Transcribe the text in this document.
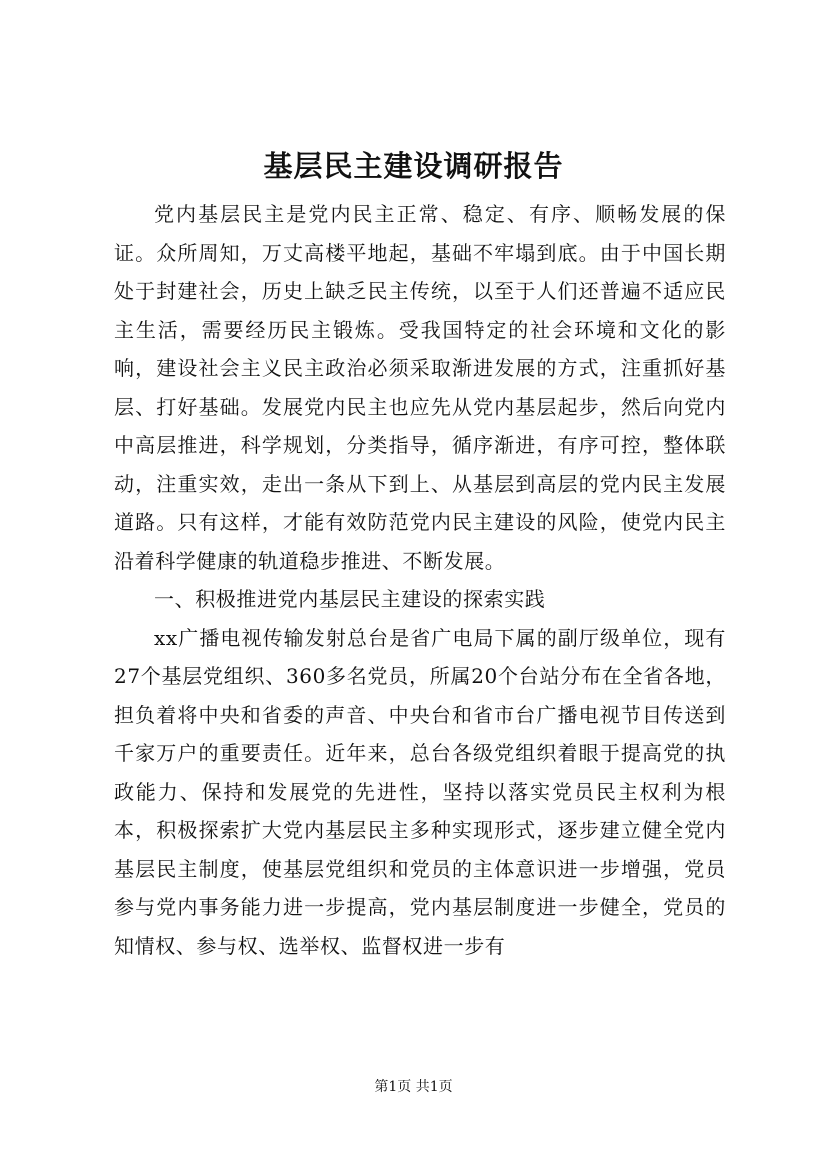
基层民主建设调研报告

党内基层民主是党内民主正常、稳定、有序、顺畅发展的保证。众所周知，万丈高楼平地起，基础不牢塌到底。由于中国长期处于封建社会，历史上缺乏民主传统，以至于人们还普遍不适应民主生活，需要经历民主锻炼。受我国特定的社会环境和文化的影响，建设社会主义民主政治必须采取渐进发展的方式，注重抓好基层、打好基础。发展党内民主也应先从党内基层起步，然后向党内中高层推进，科学规划，分类指导，循序渐进，有序可控，整体联动，注重实效，走出一条从下到上、从基层到高层的党内民主发展道路。只有这样，才能有效防范党内民主建设的风险，使党内民主沿着科学健康的轨道稳步推进、不断发展。

一、积极推进党内基层民主建设的探索实践

xx广播电视传输发射总台是省广电局下属的副厅级单位，现有27个基层党组织、360多名党员，所属20个台站分布在全省各地，担负着将中央和省委的声音、中央台和省市台广播电视节目传送到千家万户的重要责任。近年来，总台各级党组织着眼于提高党的执政能力、保持和发展党的先进性，坚持以落实党员民主权利为根本，积极探索扩大党内基层民主多种实现形式，逐步建立健全党内基层民主制度，使基层党组织和党员的主体意识进一步增强，党员参与党内事务能力进一步提高，党内基层制度进一步健全，党员的知情权、参与权、选举权、监督权进一步有

第1页 共1页
